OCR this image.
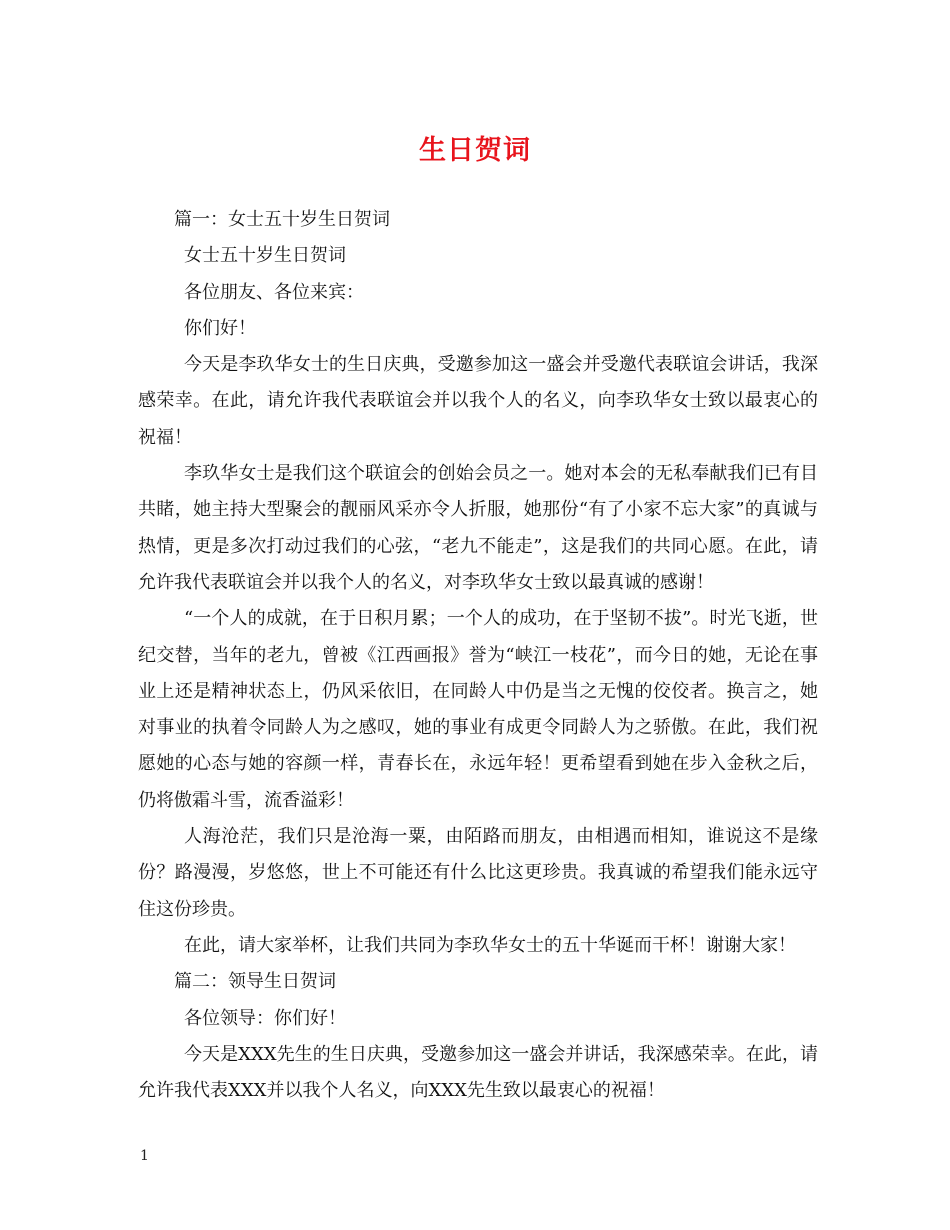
生日贺词

篇一：女士五十岁生日贺词

女士五十岁生日贺词

各位朋友、各位来宾：

你们好！

今天是李玖华女士的生日庆典，受邀参加这一盛会并受邀代表联谊会讲话，我深感荣幸。在此，请允许我代表联谊会并以我个人的名义，向李玖华女士致以最衷心的祝福！

李玖华女士是我们这个联谊会的创始会员之一。她对本会的无私奉献我们已有目共睹，她主持大型聚会的靓丽风采亦令人折服，她那份“有了小家不忘大家”的真诚与热情，更是多次打动过我们的心弦，“老九不能走”，这是我们的共同心愿。在此，请允许我代表联谊会并以我个人的名义，对李玖华女士致以最真诚的感谢！

“一个人的成就，在于日积月累；一个人的成功，在于坚韧不拔”。时光飞逝，世纪交替，当年的老九，曾被《江西画报》誉为“峡江一枝花”，而今日的她，无论在事业上还是精神状态上，仍风采依旧，在同龄人中仍是当之无愧的佼佼者。换言之，她对事业的执着令同龄人为之感叹，她的事业有成更令同龄人为之骄傲。在此，我们祝愿她的心态与她的容颜一样，青春长在，永远年轻！更希望看到她在步入金秋之后，仍将傲霜斗雪，流香溢彩！

人海沧茫，我们只是沧海一粟，由陌路而朋友，由相遇而相知，谁说这不是缘份？路漫漫，岁悠悠，世上不可能还有什么比这更珍贵。我真诚的希望我们能永远守住这份珍贵。

在此，请大家举杯，让我们共同为李玖华女士的五十华诞而干杯！谢谢大家！

篇二：领导生日贺词

各位领导：你们好！

今天是XXX先生的生日庆典，受邀参加这一盛会并讲话，我深感荣幸。在此，请允许我代表XXX并以我个人名义，向XXX先生致以最衷心的祝福！

1
